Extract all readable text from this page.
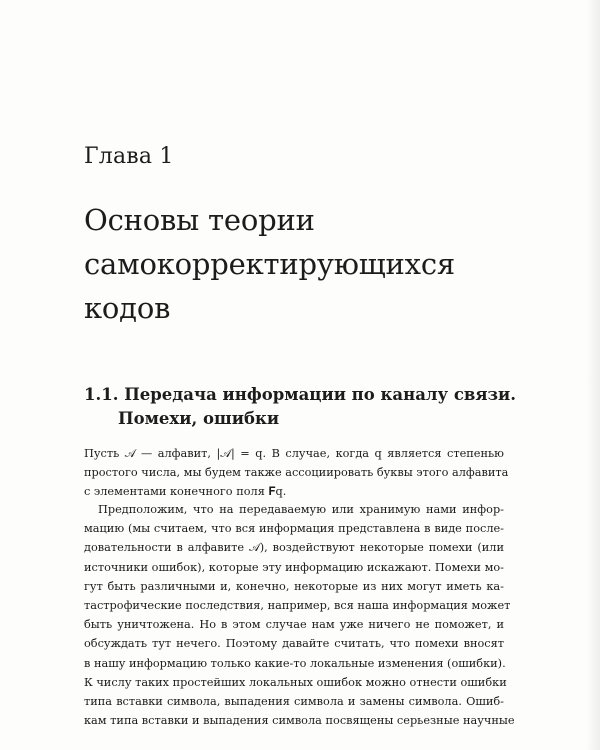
Глава 1
Основы теории
самокорректирующихся
кодов
1.1. Передача информации по каналу связи.
Помехи, ошибки
Пусть 𝒜 — алфавит, |𝒜| = q. В случае, когда q является степенью
простого числа, мы будем также ассоциировать буквы этого алфавита
с элементами конечного поля 𝐅q.
Предположим, что на передаваемую или хранимую нами инфор-
мацию (мы считаем, что вся информация представлена в виде после-
довательности в алфавите 𝒜), воздействуют некоторые помехи (или
источники ошибок), которые эту информацию искажают. Помехи мо-
гут быть различными и, конечно, некоторые из них могут иметь ка-
тастрофические последствия, например, вся наша информация может
быть уничтожена. Но в этом случае нам уже ничего не поможет, и
обсуждать тут нечего. Поэтому давайте считать, что помехи вносят
в нашу информацию только какие-то локальные изменения (ошибки).
К числу таких простейших локальных ошибок можно отнести ошибки
типа вставки символа, выпадения символа и замены символа. Ошиб-
кам типа вставки и выпадения символа посвящены серьезные научные
